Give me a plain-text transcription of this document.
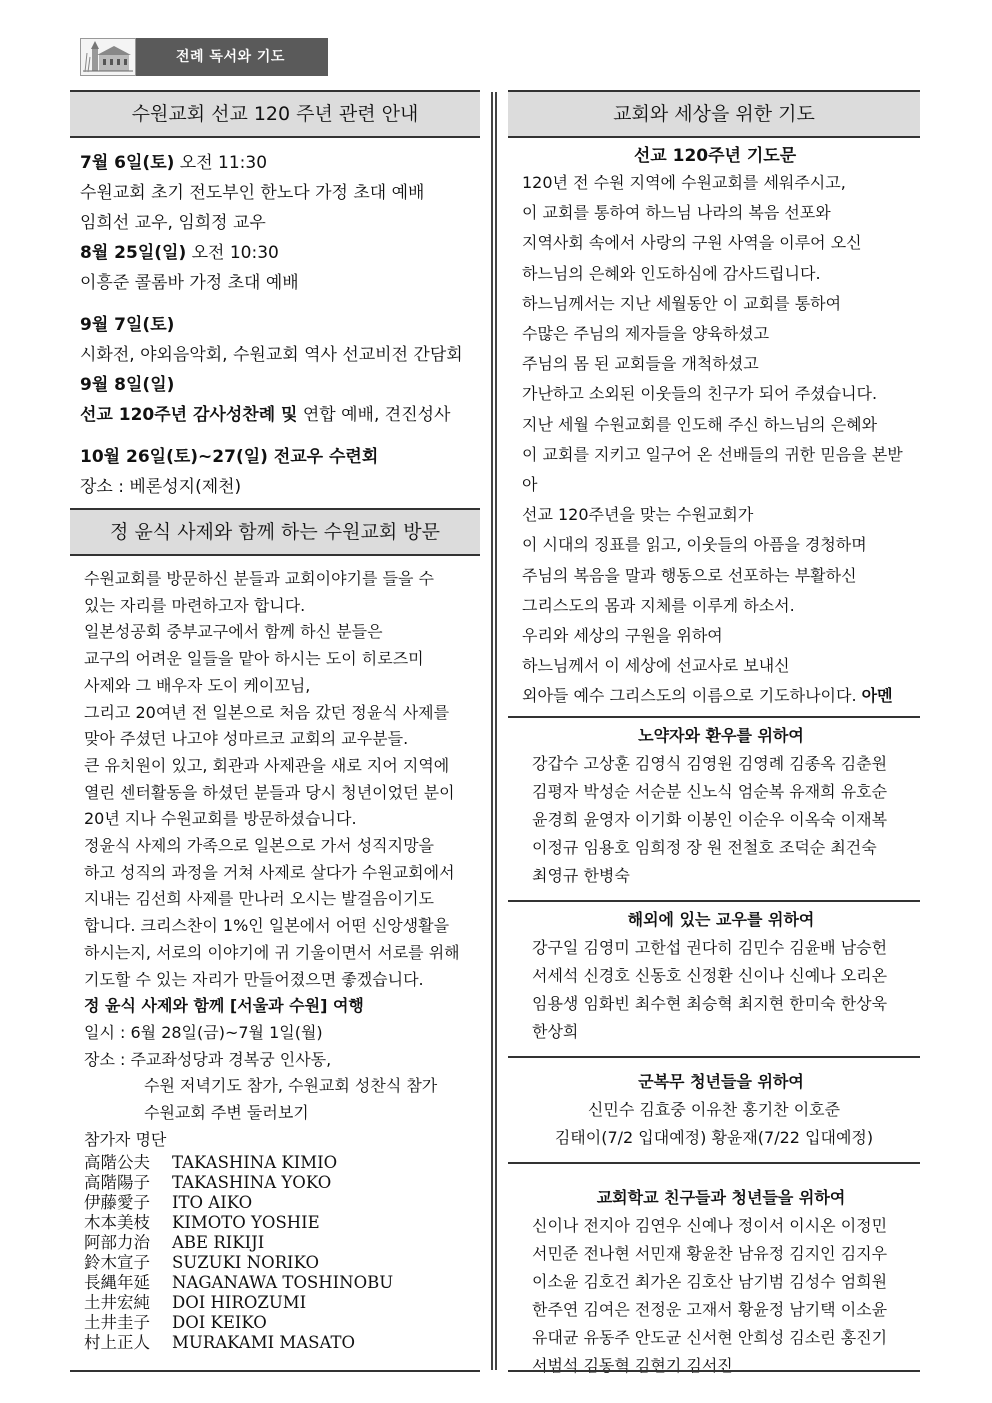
전례 독서와 기도
수원교회 선교 120 주년 관련 안내
7월 6일(토) 오전 11:30
수원교회 초기 전도부인 한노다 가정 초대 예배
임희선 교우, 임희정 교우
8월 25일(일) 오전 10:30
이흥준 콜롬바 가정 초대 예배
9월 7일(토)
시화전, 야외음악회, 수원교회 역사 선교비전 간담회
9월 8일(일)
선교 120주년 감사성찬례 및 연합 예배, 견진성사
10월 26일(토)~27(일) 전교우 수련회
장소 : 베론성지(제천)
정 윤식 사제와 함께 하는 수원교회 방문
수원교회를 방문하신 분들과 교회이야기를 들을 수
있는 자리를 마련하고자 합니다.
일본성공회 중부교구에서 함께 하신 분들은
교구의 어려운 일들을 맡아 하시는 도이 히로즈미
사제와 그 배우자 도이 케이꼬님,
그리고 20여년 전 일본으로 처음 갔던 정윤식 사제를
맞아 주셨던 나고야 성마르코 교회의 교우분들.
큰 유치원이 있고, 회관과 사제관을 새로 지어 지역에
열린 센터활동을 하셨던 분들과 당시 청년이었던 분이
20년 지나 수원교회를 방문하셨습니다.
정윤식 사제의 가족으로 일본으로 가서 성직지망을
하고 성직의 과정을 거쳐 사제로 살다가 수원교회에서
지내는 김선희 사제를 만나러 오시는 발걸음이기도
합니다. 크리스찬이 1%인 일본에서 어떤 신앙생활을
하시는지, 서로의 이야기에 귀 기울이면서 서로를 위해
기도할 수 있는 자리가 만들어졌으면 좋겠습니다.
정 윤식 사제와 함께 [서울과 수원] 여행
일시 : 6월 28일(금)~7월 1일(월)
장소 : 주교좌성당과 경복궁 인사동,
수원 저녁기도 참가, 수원교회 성찬식 참가
수원교회 주변 둘러보기
참가자 명단
高階公夫 TAKASHINA KIMIO
高階陽子 TAKASHINA YOKO
伊藤愛子 ITO AIKO
木本美枝 KIMOTO YOSHIE
阿部力治 ABE RIKIJI
鈴木宣子 SUZUKI NORIKO
長縄年延 NAGANAWA TOSHINOBU
土井宏純 DOI HIROZUMI
土井圭子 DOI KEIKO
村上正人 MURAKAMI MASATO
교회와 세상을 위한 기도
선교 120주년 기도문
120년 전 수원 지역에 수원교회를 세워주시고,
이 교회를 통하여 하느님 나라의 복음 선포와
지역사회 속에서 사랑의 구원 사역을 이루어 오신
하느님의 은혜와 인도하심에 감사드립니다.
하느님께서는 지난 세월동안 이 교회를 통하여
수많은 주님의 제자들을 양육하셨고
주님의 몸 된 교회들을 개척하셨고
가난하고 소외된 이웃들의 친구가 되어 주셨습니다.
지난 세월 수원교회를 인도해 주신 하느님의 은혜와
이 교회를 지키고 일구어 온 선배들의 귀한 믿음을 본받아
선교 120주년을 맞는 수원교회가
이 시대의 징표를 읽고, 이웃들의 아픔을 경청하며
주님의 복음을 말과 행동으로 선포하는 부활하신
그리스도의 몸과 지체를 이루게 하소서.
우리와 세상의 구원을 위하여
하느님께서 이 세상에 선교사로 보내신
외아들 예수 그리스도의 이름으로 기도하나이다. 아멘
노약자와 환우를 위하여
강갑수 고상훈 김영식 김영원 김영례 김종옥 김춘원
김평자 박성순 서순분 신노식 엄순복 유재희 유호순
윤경희 윤영자 이기화 이봉인 이순우 이옥숙 이재복
이정규 임용호 임희정 장 원 전철호 조덕순 최건숙
최영규 한병숙
해외에 있는 교우를 위하여
강구일 김영미 고한섭 권다히 김민수 김윤배 남승헌
서세석 신경호 신동호 신정환 신이나 신예나 오리온
임용생 임화빈 최수현 최승혁 최지현 한미숙 한상욱
한상희
군복무 청년들을 위하여
신민수 김효중 이유찬 홍기찬 이호준
김태이(7/2 입대예정) 황윤재(7/22 입대예정)
교회학교 친구들과 청년들을 위하여
신이나 전지아 김연우 신예나 정이서 이시온 이정민
서민준 전나현 서민재 황윤찬 남유정 김지인 김지우
이소윤 김호건 최가온 김호산 남기범 김성수 엄희원
한주연 김여은 전정운 고재서 황윤정 남기택 이소윤
유대균 유동주 안도균 신서현 안희성 김소린 홍진기
서범석 김동혁 김현기 김서진
